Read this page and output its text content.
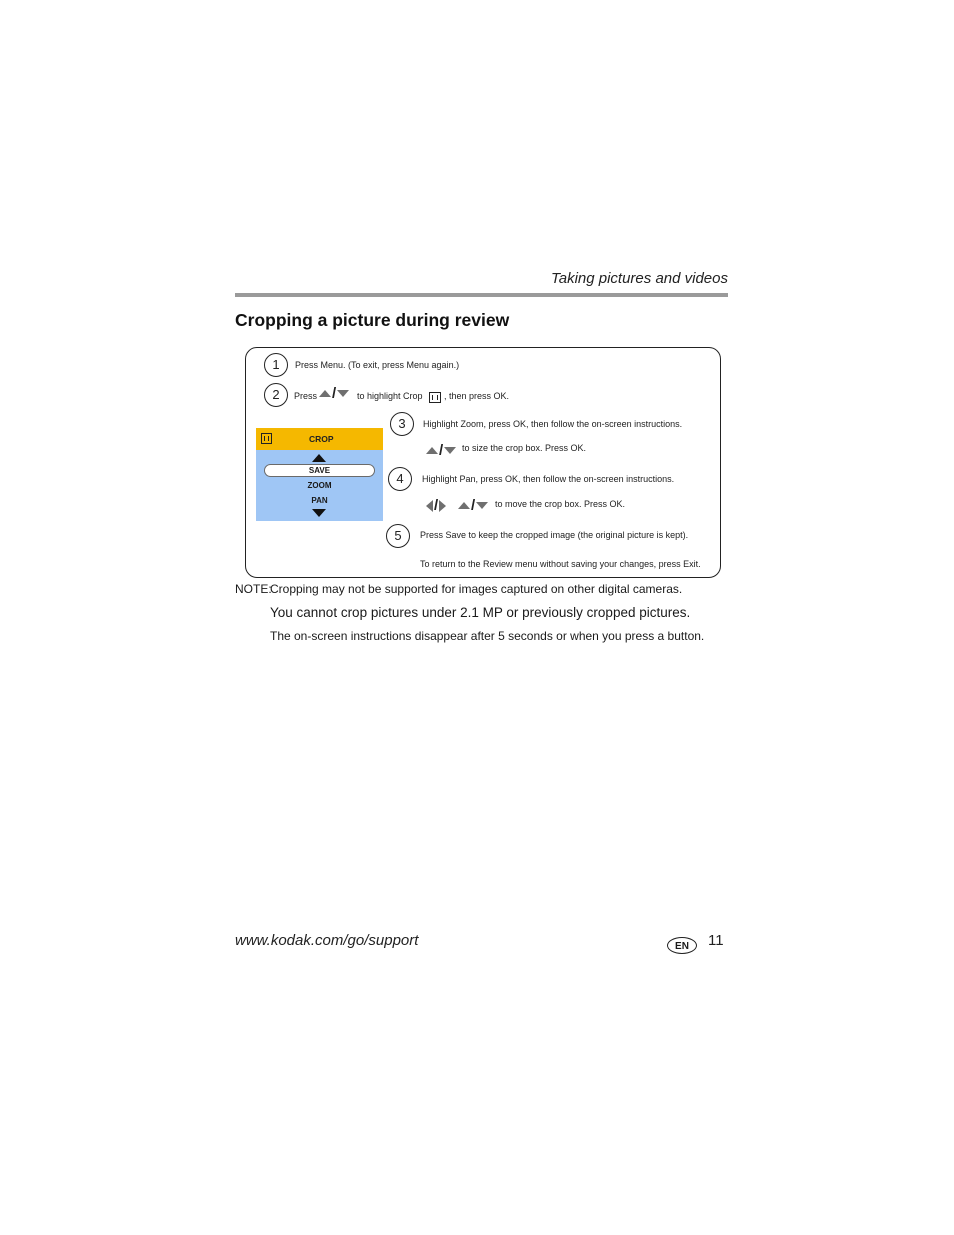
Taking pictures and videos
Cropping a picture during review
1	Press Menu. (To exit, press Menu again.)
2	Press / to highlight Crop , then press OK.
3	Highlight Zoom, press OK, then follow the on-screen instructions.
/ to size the crop box. Press OK.
4	Highlight Pan, press OK, then follow the on-screen instructions.
/ / to move the crop box. Press OK.
5	Press Save to keep the cropped image (the original picture is kept).
To return to the Review menu without saving your changes, press Exit.
CROP
SAVE
ZOOM
PAN
NOTE:
Cropping may not be supported for images captured on other digital cameras.
You cannot crop pictures under 2.1 MP or previously cropped pictures.
The on-screen instructions disappear after 5 seconds or when you press a button.
www.kodak.com/go/support	EN	11
